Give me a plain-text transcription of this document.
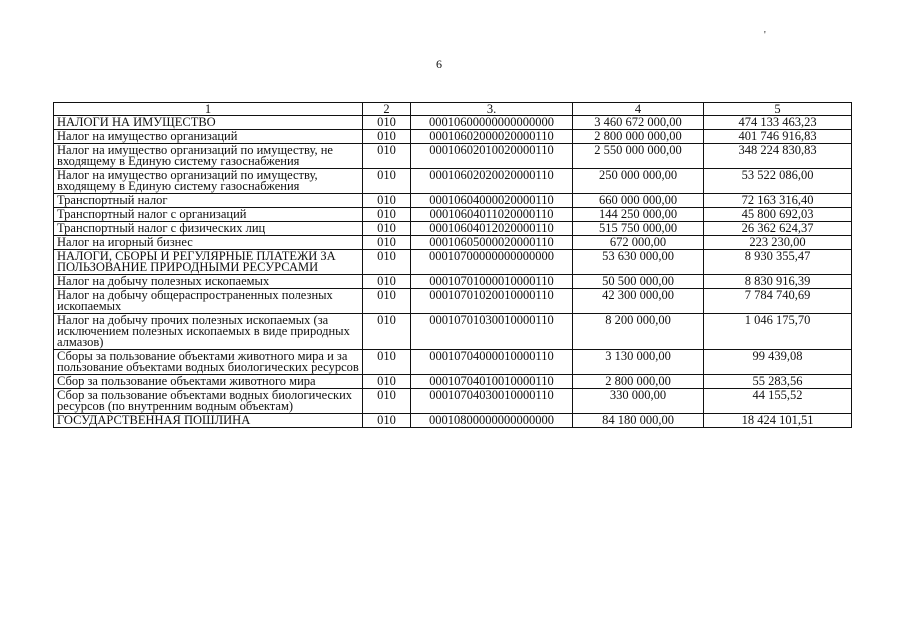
'
6
1	2	3.	4	5
НАЛОГИ НА ИМУЩЕСТВО	010	00010600000000000000	3 460 672 000,00	474 133 463,23
Налог на имущество организаций	010	00010602000020000110	2 800 000 000,00	401 746 916,83
Налог на имущество организаций по имуществу, не входящему в Единую систему газоснабжения	010	00010602010020000110	2 550 000 000,00	348 224 830,83
Налог на имущество организаций по имуществу, входящему в Единую систему газоснабжения	010	00010602020020000110	250 000 000,00	53 522 086,00
Транспортный налог	010	00010604000020000110	660 000 000,00	72 163 316,40
Транспортный налог с организаций	010	00010604011020000110	144 250 000,00	45 800 692,03
Транспортный налог с физических лиц	010	00010604012020000110	515 750 000,00	26 362 624,37
Налог на игорный бизнес	010	00010605000020000110	672 000,00	223 230,00
НАЛОГИ, СБОРЫ И РЕГУЛЯРНЫЕ ПЛАТЕЖИ ЗА ПОЛЬЗОВАНИЕ ПРИРОДНЫМИ РЕСУРСАМИ	010	00010700000000000000	53 630 000,00	8 930 355,47
Налог на добычу полезных ископаемых	010	00010701000010000110	50 500 000,00	8 830 916,39
Налог на добычу общераспространенных полезных ископаемых	010	00010701020010000110	42 300 000,00	7 784 740,69
Налог на добычу прочих полезных ископаемых (за исключением полезных ископаемых в виде природных алмазов)	010	00010701030010000110	8 200 000,00	1 046 175,70
Сборы за пользование объектами животного мира и за пользование объектами водных биологических ресурсов	010	00010704000010000110	3 130 000,00	99 439,08
Сбор за пользование объектами животного мира	010	00010704010010000110	2 800 000,00	55 283,56
Сбор за пользование объектами водных биологических ресурсов (по внутренним водным объектам)	010	00010704030010000110	330 000,00	44 155,52
ГОСУДАРСТВЕННАЯ ПОШЛИНА	010	00010800000000000000	84 180 000,00	18 424 101,51
